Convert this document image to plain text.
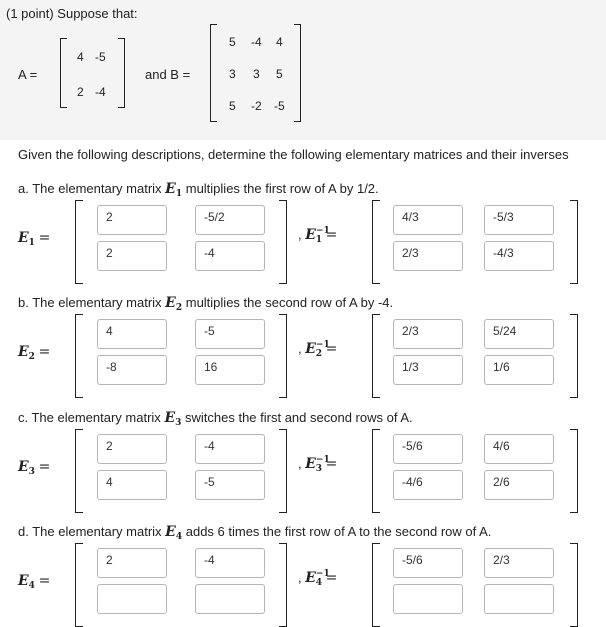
(1 point) Suppose that:
A =
4 -5
2 -4
and B =
5 -4 4
3 3 5
5 -2 -5
Given the following descriptions, determine the following elementary matrices and their inverses
a. The elementary matrix $E_1$ multiplies the first row of A by 1/2.
$E_1$ =
2	-5/2
2	-4
, $E^{-1}_1$ =
4/3	-5/3
2/3	-4/3
b. The elementary matrix $E_2$ multiplies the second row of A by -4.
$E_2$ =
4	-5
-8	16
, $E^{-1}_2$ =
2/3	5/24
1/3	1/6
c. The elementary matrix $E_3$ switches the first and second rows of A.
$E_3$ =
2	-4
4	-5
, $E^{-1}_3$ =
-5/6	4/6
-4/6	2/6
d. The elementary matrix $E_4$ adds 6 times the first row of A to the second row of A.
$E_4$ =
2	-4
, $E^{-1}_4$ =
-5/6	2/3
